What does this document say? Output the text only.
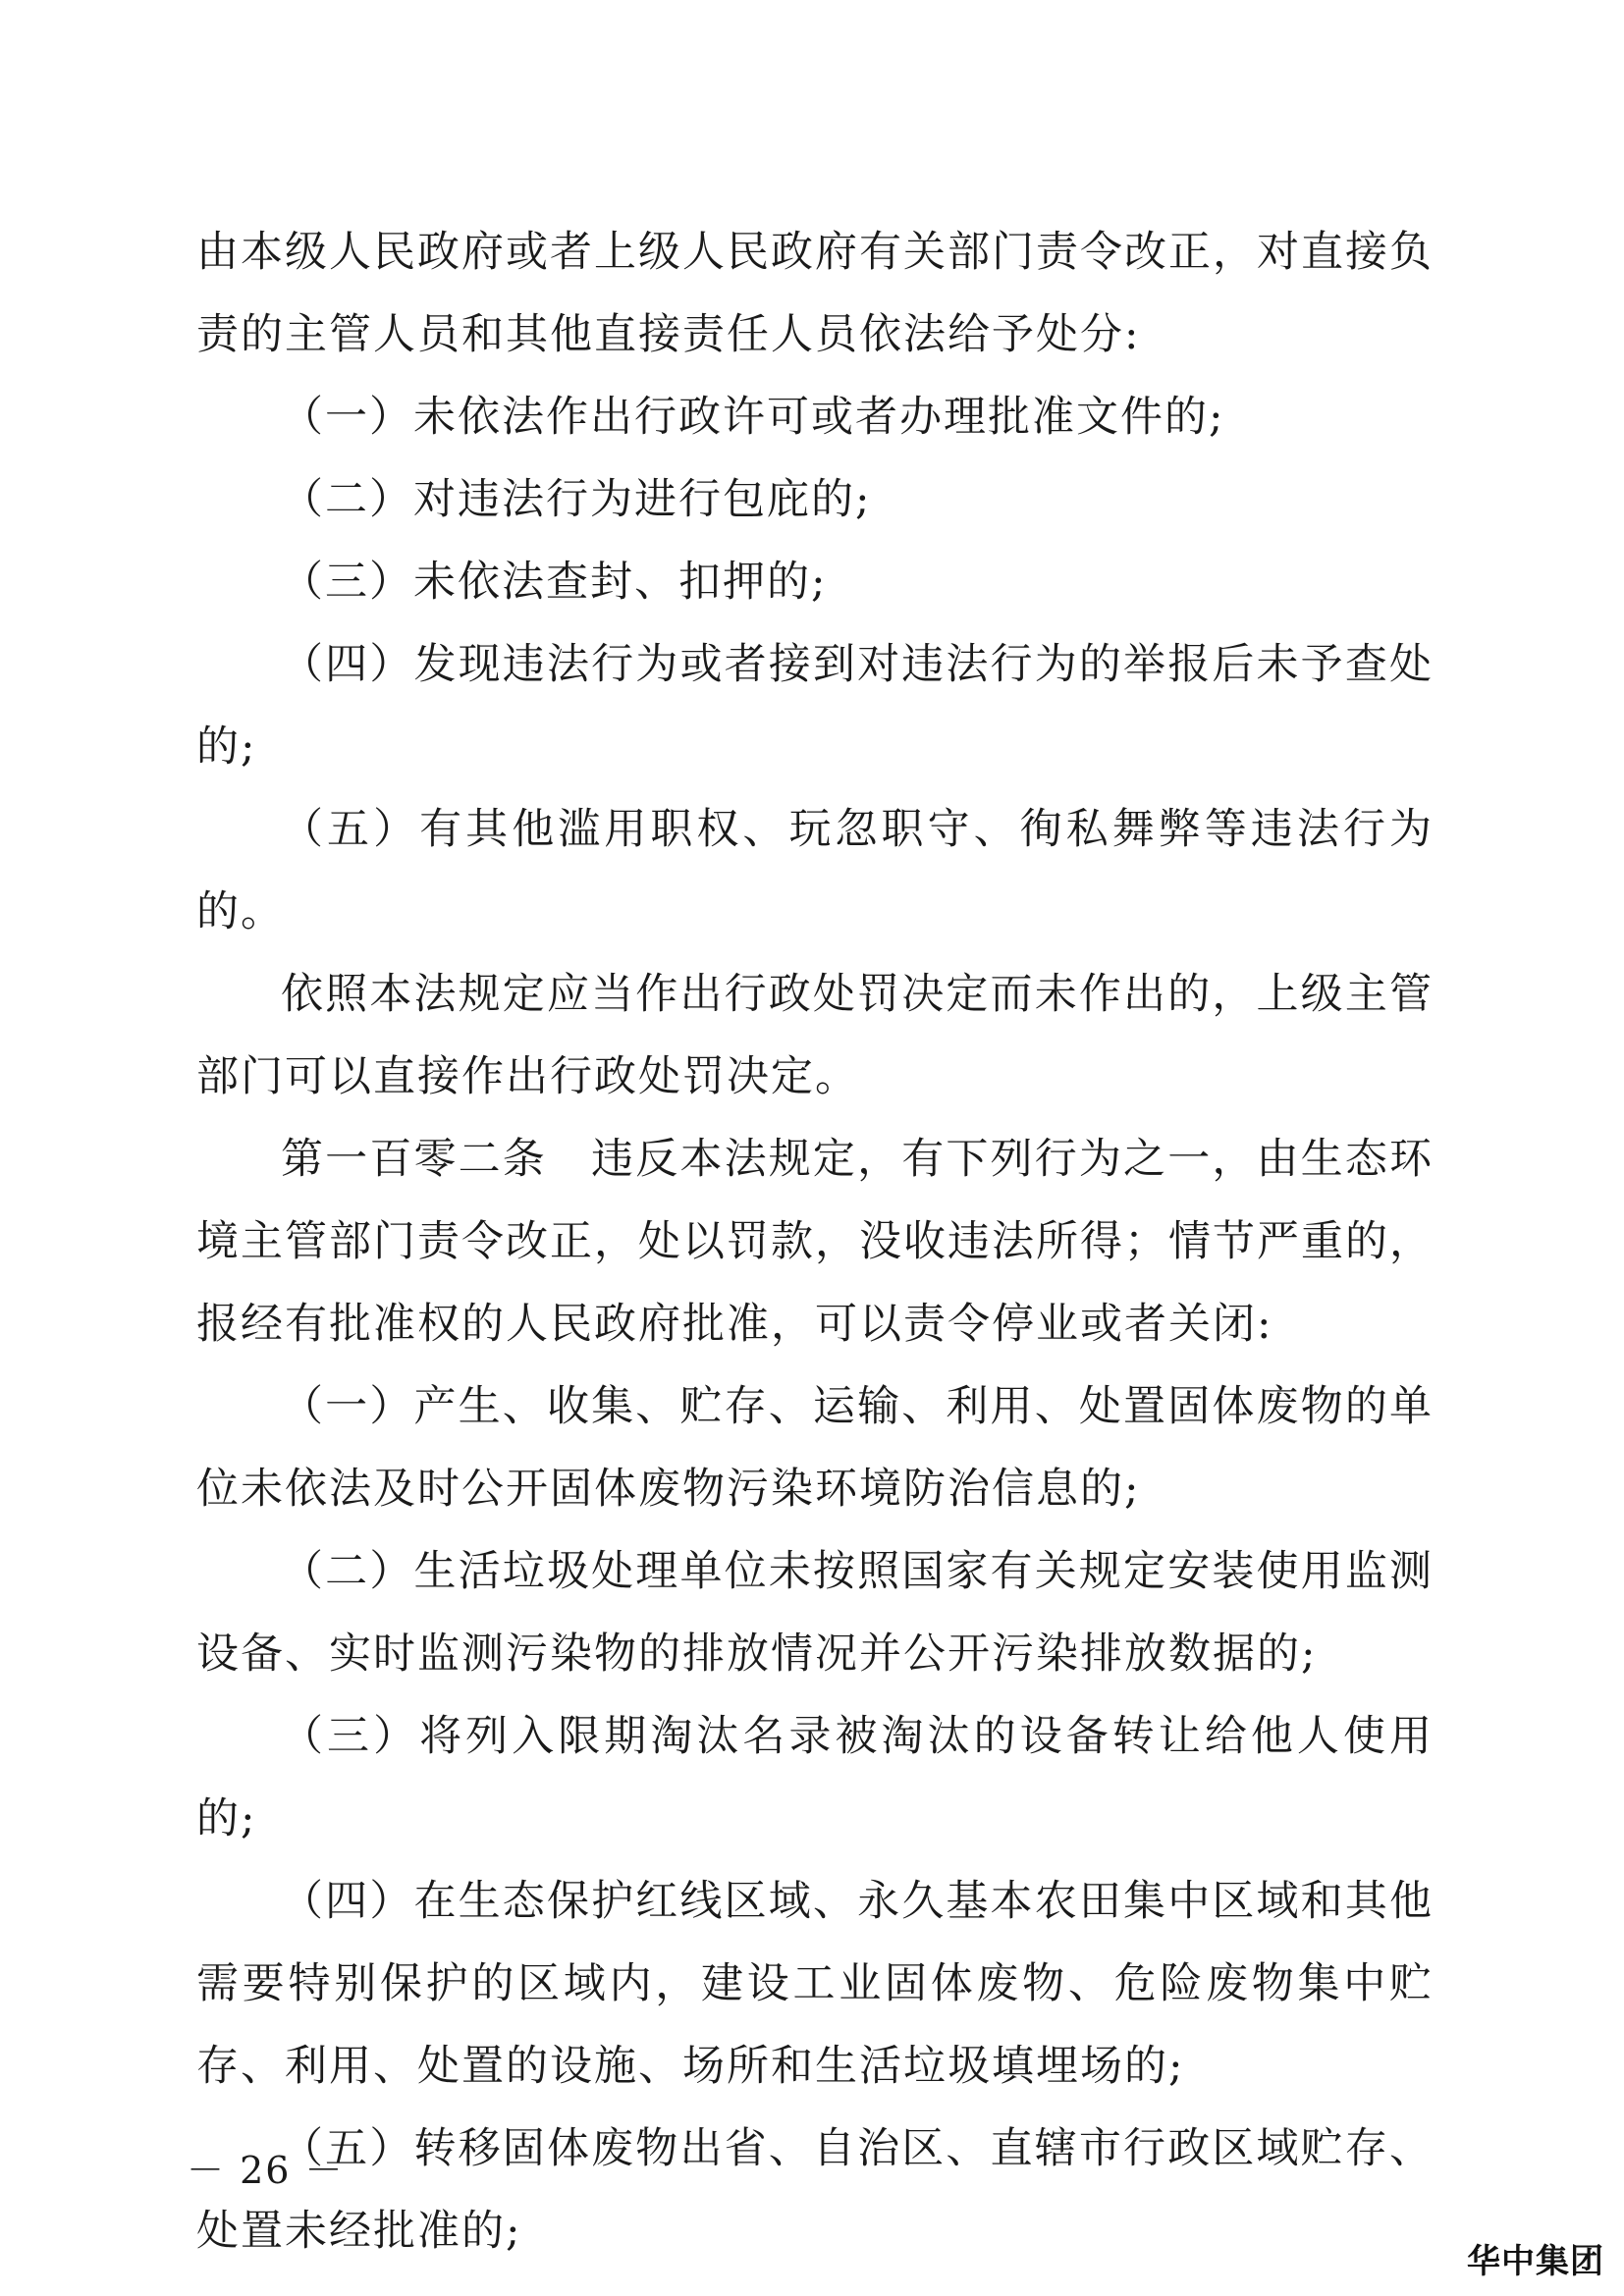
由本级人民政府或者上级人民政府有关部门责令改正，对直接负责的主管人员和其他直接责任人员依法给予处分:

（一）未依法作出行政许可或者办理批准文件的;

（二）对违法行为进行包庇的;

（三）未依法查封、扣押的;

（四）发现违法行为或者接到对违法行为的举报后未予查处的;

（五）有其他滥用职权、玩忽职守、徇私舞弊等违法行为的。

依照本法规定应当作出行政处罚决定而未作出的，上级主管部门可以直接作出行政处罚决定。

第一百零二条　违反本法规定，有下列行为之一，由生态环境主管部门责令改正，处以罚款，没收违法所得；情节严重的，报经有批准权的人民政府批准，可以责令停业或者关闭:

（一）产生、收集、贮存、运输、利用、处置固体废物的单位未依法及时公开固体废物污染环境防治信息的;

（二）生活垃圾处理单位未按照国家有关规定安装使用监测设备、实时监测污染物的排放情况并公开污染排放数据的;

（三）将列入限期淘汰名录被淘汰的设备转让给他人使用的;

（四）在生态保护红线区域、永久基本农田集中区域和其他需要特别保护的区域内，建设工业固体废物、危险废物集中贮存、利用、处置的设施、场所和生活垃圾填埋场的;

（五）转移固体废物出省、自治区、直辖市行政区域贮存、处置未经批准的;

－ 26 －
华中集团
